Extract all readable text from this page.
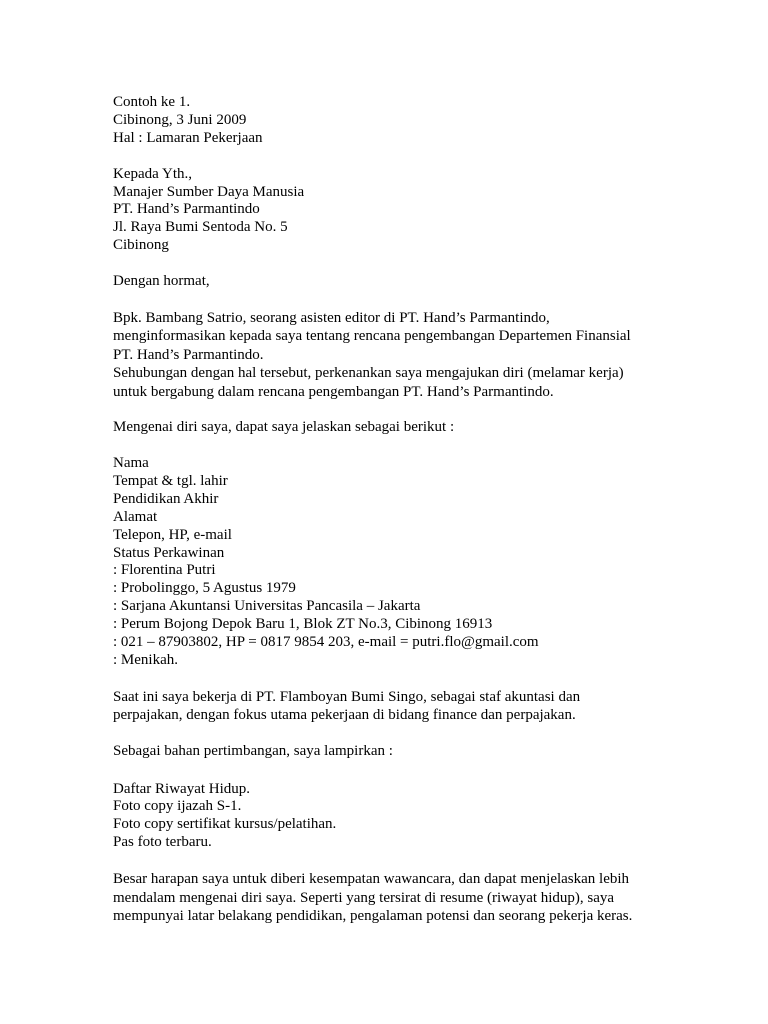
Contoh ke 1.
Cibinong, 3 Juni 2009
Hal : Lamaran Pekerjaan
Kepada Yth.,
Manajer Sumber Daya Manusia
PT. Hand’s Parmantindo
Jl. Raya Bumi Sentoda No. 5
Cibinong
Dengan hormat,
Bpk. Bambang Satrio, seorang asisten editor di PT. Hand’s Parmantindo,
menginformasikan kepada saya tentang rencana pengembangan Departemen Finansial
PT. Hand’s Parmantindo.
Sehubungan dengan hal tersebut, perkenankan saya mengajukan diri (melamar kerja)
untuk bergabung dalam rencana pengembangan PT. Hand’s Parmantindo.
Mengenai diri saya, dapat saya jelaskan sebagai berikut :
Nama
Tempat & tgl. lahir
Pendidikan Akhir
Alamat
Telepon, HP, e-mail
Status Perkawinan
: Florentina Putri
: Probolinggo, 5 Agustus 1979
: Sarjana Akuntansi Universitas Pancasila – Jakarta
: Perum Bojong Depok Baru 1, Blok ZT No.3, Cibinong 16913
: 021 – 87903802, HP = 0817 9854 203, e-mail = putri.flo@gmail.com
: Menikah.
Saat ini saya bekerja di PT. Flamboyan Bumi Singo, sebagai staf akuntasi dan
perpajakan, dengan fokus utama pekerjaan di bidang finance dan perpajakan.
Sebagai bahan pertimbangan, saya lampirkan :
Daftar Riwayat Hidup.
Foto copy ijazah S-1.
Foto copy sertifikat kursus/pelatihan.
Pas foto terbaru.
Besar harapan saya untuk diberi kesempatan wawancara, dan dapat menjelaskan lebih
mendalam mengenai diri saya. Seperti yang tersirat di resume (riwayat hidup), saya
mempunyai latar belakang pendidikan, pengalaman potensi dan seorang pekerja keras.
